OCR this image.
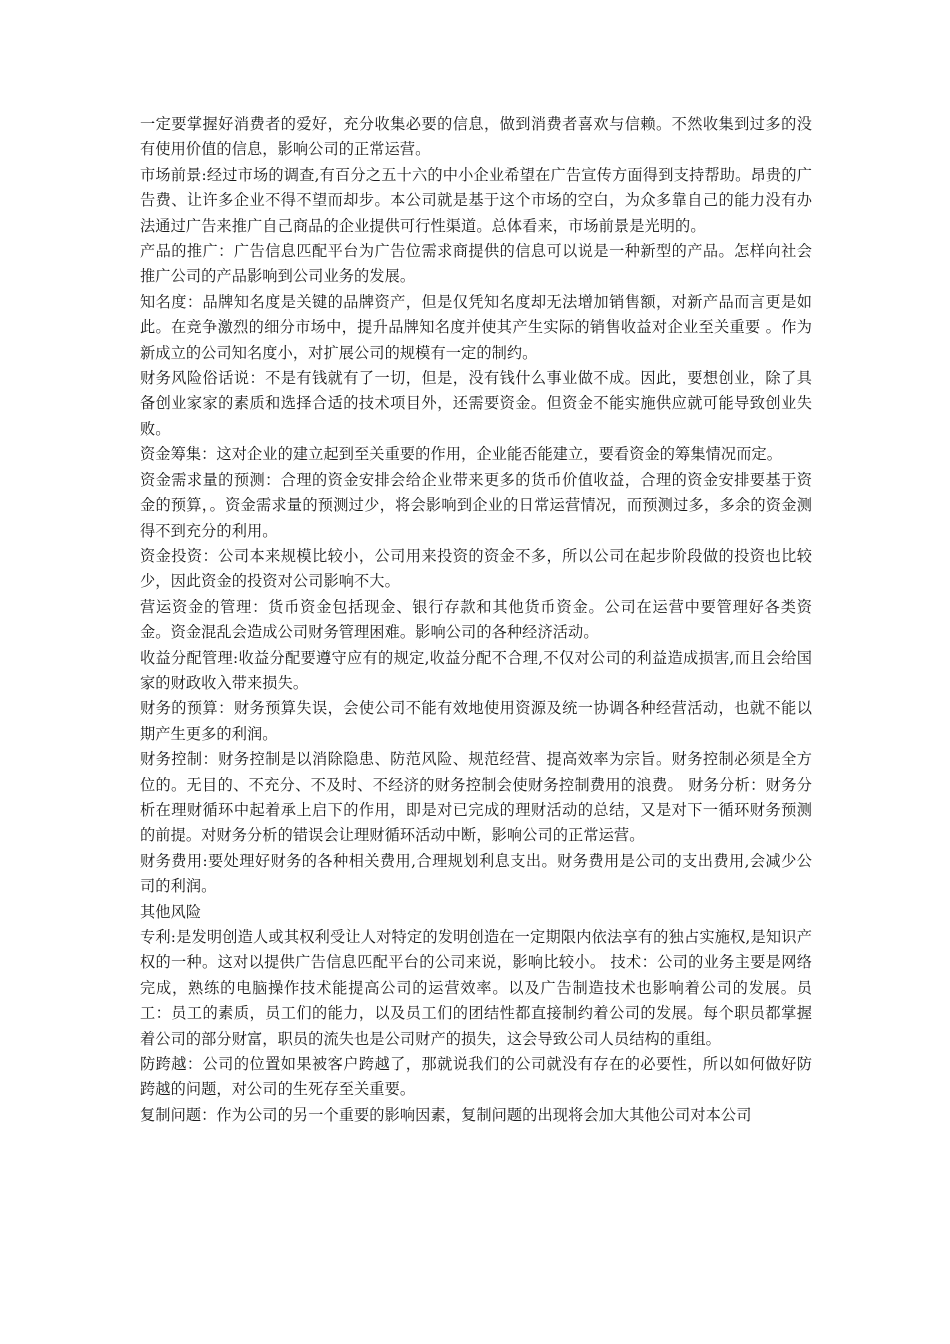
一定要掌握好消费者的爱好，充分收集必要的信息，做到消费者喜欢与信赖。不然收集到过多的没有使用价值的信息，影响公司的正常运营。

市场前景:经过市场的调查,有百分之五十六的中小企业希望在广告宣传方面得到支持帮助。昂贵的广告费、让许多企业不得不望而却步。本公司就是基于这个市场的空白，为众多靠自己的能力没有办法通过广告来推广自己商品的企业提供可行性渠道。总体看来，市场前景是光明的。

产品的推广：广告信息匹配平台为广告位需求商提供的信息可以说是一种新型的产品。怎样向社会推广公司的产品影响到公司业务的发展。

知名度：品牌知名度是关键的品牌资产，但是仅凭知名度却无法增加销售额，对新产品而言更是如此。在竞争激烈的细分市场中，提升品牌知名度并使其产生实际的销售收益对企业至关重要 。作为新成立的公司知名度小，对扩展公司的规模有一定的制约。

财务风险俗话说：不是有钱就有了一切，但是，没有钱什么事业做不成。因此，要想创业，除了具备创业家家的素质和选择合适的技术项目外，还需要资金。但资金不能实施供应就可能导致创业失败。

资金筹集：这对企业的建立起到至关重要的作用，企业能否能建立，要看资金的筹集情况而定。

资金需求量的预测：合理的资金安排会给企业带来更多的货币价值收益，合理的资金安排要基于资金的预算，。资金需求量的预测过少，将会影响到企业的日常运营情况，而预测过多，多余的资金测得不到充分的利用。

资金投资：公司本来规模比较小，公司用来投资的资金不多，所以公司在起步阶段做的投资也比较少，因此资金的投资对公司影响不大。

营运资金的管理：货币资金包括现金、银行存款和其他货币资金。公司在运营中要管理好各类资金。资金混乱会造成公司财务管理困难。影响公司的各种经济活动。

收益分配管理:收益分配要遵守应有的规定,收益分配不合理,不仅对公司的利益造成损害,而且会给国家的财政收入带来损失。

财务的预算：财务预算失误，会使公司不能有效地使用资源及统一协调各种经营活动，也就不能以期产生更多的利润。

财务控制：财务控制是以消除隐患、防范风险、规范经营、提高效率为宗旨。财务控制必须是全方位的。无目的、不充分、不及时、不经济的财务控制会使财务控制费用的浪费。 财务分析：财务分析在理财循环中起着承上启下的作用，即是对已完成的理财活动的总结，又是对下一循环财务预测的前提。对财务分析的错误会让理财循环活动中断，影响公司的正常运营。

财务费用:要处理好财务的各种相关费用,合理规划利息支出。财务费用是公司的支出费用,会减少公司的利润。

其他风险

专利:是发明创造人或其权利受让人对特定的发明创造在一定期限内依法享有的独占实施权,是知识产权的一种。这对以提供广告信息匹配平台的公司来说，影响比较小。 技术：公司的业务主要是网络完成，熟练的电脑操作技术能提高公司的运营效率。以及广告制造技术也影响着公司的发展。员工：员工的素质，员工们的能力，以及员工们的团结性都直接制约着公司的发展。每个职员都掌握着公司的部分财富，职员的流失也是公司财产的损失，这会导致公司人员结构的重组。

防跨越：公司的位置如果被客户跨越了，那就说我们的公司就没有存在的必要性，所以如何做好防跨越的问题，对公司的生死存至关重要。

复制问题：作为公司的另一个重要的影响因素，复制问题的出现将会加大其他公司对本公司
